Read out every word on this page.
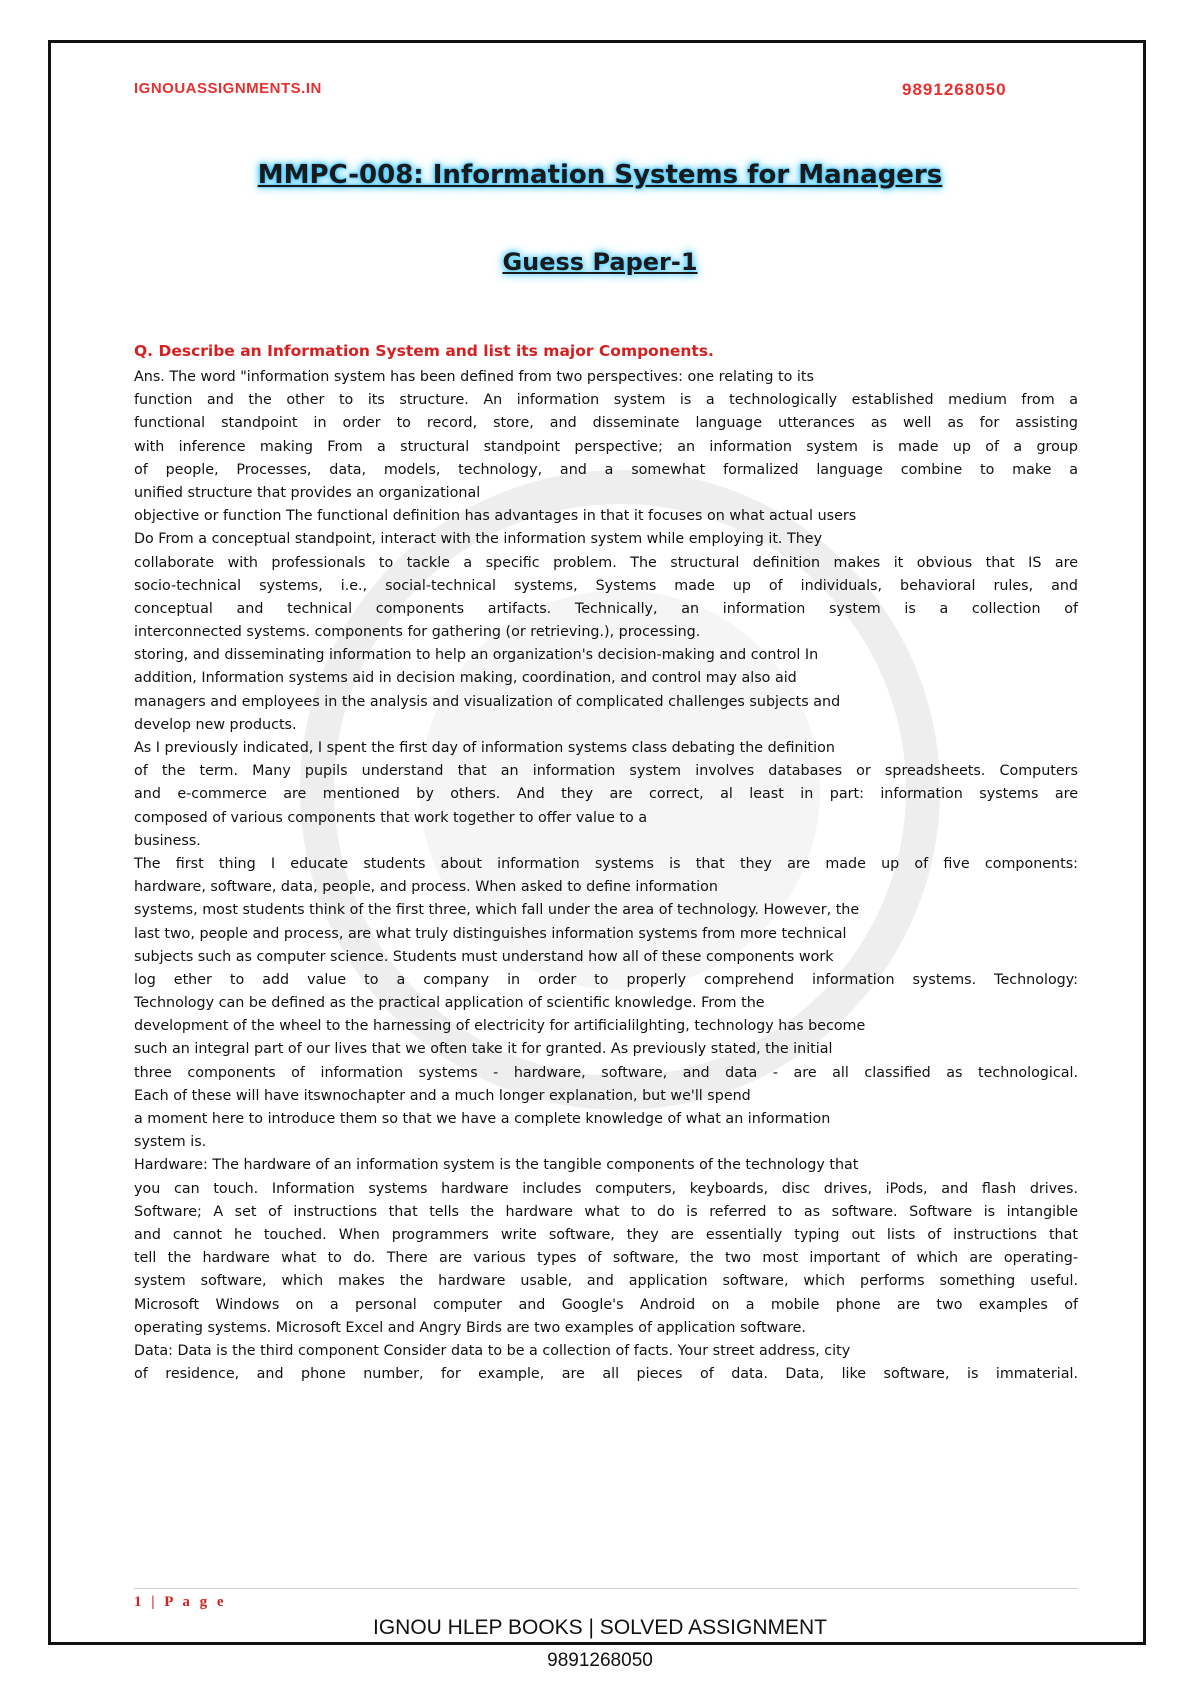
IGNOUASSIGNMENTS.IN	9891268050
MMPC-008: Information Systems for Managers
Guess Paper-1
Q. Describe an Information System and list its major Components.
Ans. The word "information system has been defined from two perspectives: one relating to its
function and the other to its structure. An information system is a technologically established medium from a
functional standpoint in order to record, store, and disseminate language utterances as well as for assisting
with inference making From a structural standpoint perspective; an information system is made up of a group
of people, Processes, data, models, technology, and a somewhat formalized language combine to make a
unified structure that provides an organizational
objective or function The functional definition has advantages in that it focuses on what actual users
Do From a conceptual standpoint, interact with the information system while employing it. They
collaborate with professionals to tackle a specific problem. The structural definition makes it obvious that IS are
socio-technical systems, i.e., social-technical systems, Systems made up of individuals, behavioral rules, and
conceptual and technical components artifacts. Technically, an information system is a collection of
interconnected systems. components for gathering (or retrieving.), processing.
storing, and disseminating information to help an organization's decision-making and control In
addition, Information systems aid in decision making, coordination, and control may also aid
managers and employees in the analysis and visualization of complicated challenges subjects and
develop new products.
As I previously indicated, I spent the first day of information systems class debating the definition
of the term. Many pupils understand that an information system involves databases or spreadsheets. Computers
and e-commerce are mentioned by others. And they are correct, al least in part: information systems are
composed of various components that work together to offer value to a
business.
The first thing I educate students about information systems is that they are made up of five components:
hardware, software, data, people, and process. When asked to define information
systems, most students think of the first three, which fall under the area of technology. However, the
last two, people and process, are what truly distinguishes information systems from more technical
subjects such as computer science. Students must understand how all of these components work
log ether to add value to a company in order to properly comprehend information systems. Technology:
Technology can be defined as the practical application of scientific knowledge. From the
development of the wheel to the harnessing of electricity for artificialilghting, technology has become
such an integral part of our lives that we often take it for granted. As previously stated, the initial
three components of information systems - hardware, software, and data - are all classified as technological.
Each of these will have itswnochapter and a much longer explanation, but we'll spend
a moment here to introduce them so that we have a complete knowledge of what an information
system is.
Hardware: The hardware of an information system is the tangible components of the technology that
you can touch. Information systems hardware includes computers, keyboards, disc drives, iPods, and flash drives.
Software; A set of instructions that tells the hardware what to do is referred to as software. Software is intangible
and cannot he touched. When programmers write software, they are essentially typing out lists of instructions that
tell the hardware what to do. There are various types of software, the two most important of which are operating-
system software, which makes the hardware usable, and application software, which performs something useful.
Microsoft Windows on a personal computer and Google's Android on a mobile phone are two examples of
operating systems. Microsoft Excel and Angry Birds are two examples of application software.
Data: Data is the third component Consider data to be a collection of facts. Your street address, city
of residence, and phone number, for example, are all pieces of data. Data, like software, is immaterial.
1 | P a g e
IGNOU HLEP BOOKS | SOLVED ASSIGNMENT
9891268050
